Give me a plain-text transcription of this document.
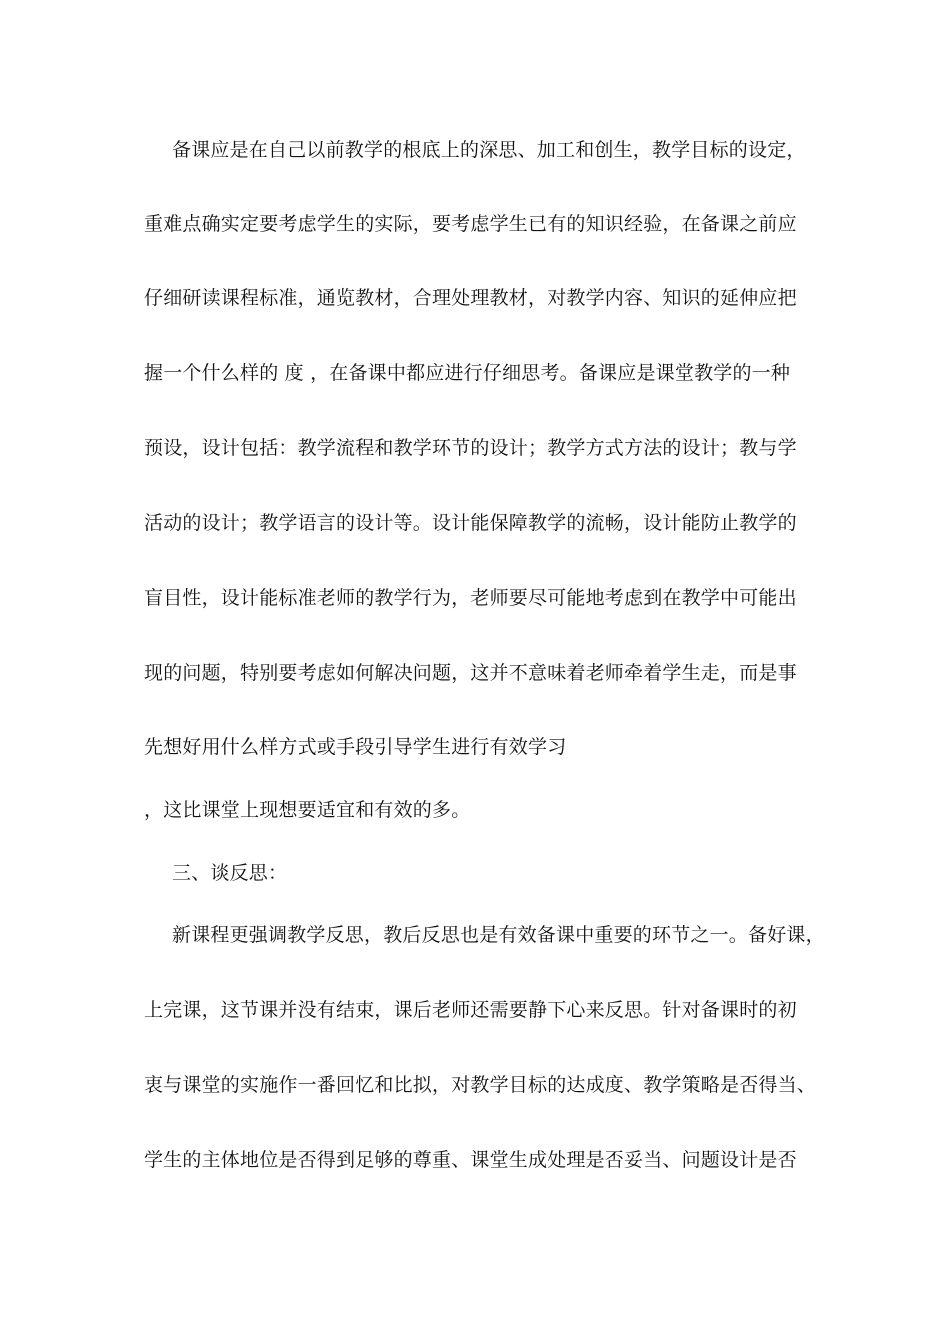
备课应是在自己以前教学的根底上的深思、加工和创生，教学目标的设定，
重难点确实定要考虑学生的实际，要考虑学生已有的知识经验，在备课之前应
仔细研读课程标准，通览教材，合理处理教材，对教学内容、知识的延伸应把
握一个什么样的 度 ，在备课中都应进行仔细思考。备课应是课堂教学的一种
预设，设计包括：教学流程和教学环节的设计；教学方式方法的设计；教与学
活动的设计；教学语言的设计等。设计能保障教学的流畅，设计能防止教学的
盲目性，设计能标准老师的教学行为，老师要尽可能地考虑到在教学中可能出
现的问题，特别要考虑如何解决问题，这并不意味着老师牵着学生走，而是事
先想好用什么样方式或手段引导学生进行有效学习
，这比课堂上现想要适宜和有效的多。
三、谈反思：
新课程更强调教学反思，教后反思也是有效备课中重要的环节之一。备好课，
上完课，这节课并没有结束，课后老师还需要静下心来反思。针对备课时的初
衷与课堂的实施作一番回忆和比拟，对教学目标的达成度、教学策略是否得当、
学生的主体地位是否得到足够的尊重、课堂生成处理是否妥当、问题设计是否
